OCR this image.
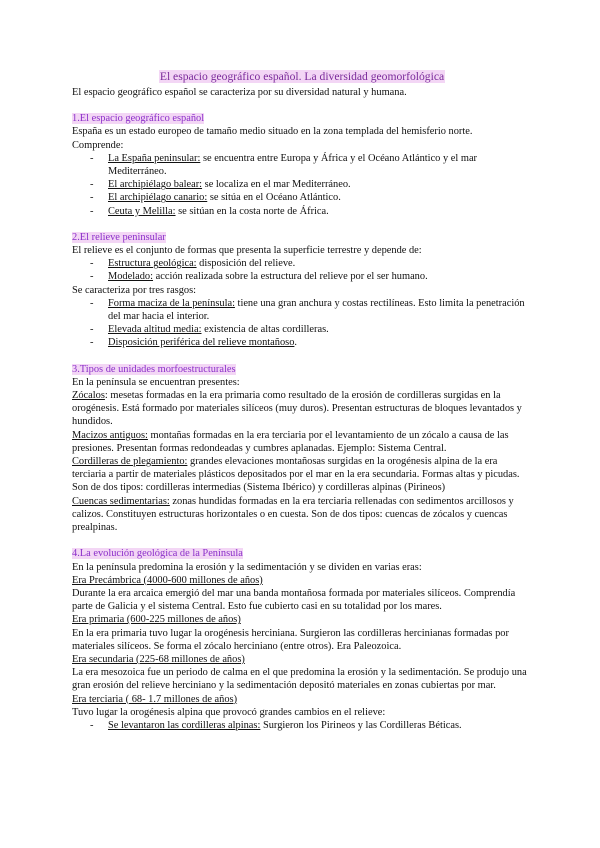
El espacio geográfico español. La diversidad geomorfológica

El espacio geográfico español se caracteriza por su diversidad natural y humana.

1.El espacio geográfico español

España es un estado europeo de tamaño medio situado en la zona templada del hemisferio norte.

Comprende:

- La España peninsular: se encuentra entre Europa y África y el Océano Atlántico y el mar Mediterráneo.
- El archipiélago balear: se localiza en el mar Mediterráneo.
- El archipiélago canario: se sitúa en el Océano Atlántico.
- Ceuta y Melilla: se sitúan en la costa norte de África.

2.El relieve peninsular

El relieve es el conjunto de formas que presenta la superficie terrestre y depende de:

- Estructura geológica: disposición del relieve.
- Modelado: acción realizada sobre la estructura del relieve por el ser humano.

Se caracteriza por tres rasgos:

- Forma maciza de la península: tiene una gran anchura y costas rectilíneas. Esto limita la penetración del mar hacia el interior.
- Elevada altitud media: existencia de altas cordilleras.
- Disposición periférica del relieve montañoso.

3.Tipos de unidades morfoestructurales

En la península se encuentran presentes:

Zócalos: mesetas formadas en la era primaria como resultado de la erosión de cordilleras surgidas en la orogénesis. Está formado por materiales silíceos (muy duros). Presentan estructuras de bloques levantados y hundidos.

Macizos antiguos: montañas formadas en la era terciaria por el levantamiento de un zócalo a causa de las presiones. Presentan formas redondeadas y cumbres aplanadas. Ejemplo: Sistema Central.

Cordilleras de plegamiento: grandes elevaciones montañosas surgidas en la orogénesis alpina de la era terciaria a partir de materiales plásticos depositados por el mar en la era secundaria. Formas altas y picudas. Son de dos tipos: cordilleras intermedias (Sistema Ibérico) y cordilleras alpinas (Pirineos)

Cuencas sedimentarias: zonas hundidas formadas en la era terciaria rellenadas con sedimentos arcillosos y calizos. Constituyen estructuras horizontales o en cuesta. Son de dos tipos: cuencas de zócalos y cuencas prealpinas.

4.La evolución geológica de la Península

En la península predomina la erosión y la sedimentación y se dividen en varias eras:

Era Precámbrica (4000-600 millones de años)

Durante la era arcaica emergió del mar una banda montañosa formada por materiales silíceos. Comprendía parte de Galicia y el sistema Central. Esto fue cubierto casi en su totalidad por los mares.

Era primaria (600-225 millones de años)

En la era primaria tuvo lugar la orogénesis herciniana. Surgieron las cordilleras hercinianas formadas por materiales silíceos. Se forma el zócalo herciniano (entre otros). Era Paleozoica.

Era secundaria (225-68 millones de años)

La era mesozoica fue un periodo de calma en el que predomina la erosión y la sedimentación. Se produjo una gran erosión del relieve herciniano y la sedimentación depositó materiales en zonas cubiertas por mar.

Era terciaria ( 68- 1.7 millones de años)

Tuvo lugar la orogénesis alpina que provocó grandes cambios en el relieve:

- Se levantaron las cordilleras alpinas: Surgieron los Pirineos y las Cordilleras Béticas.
